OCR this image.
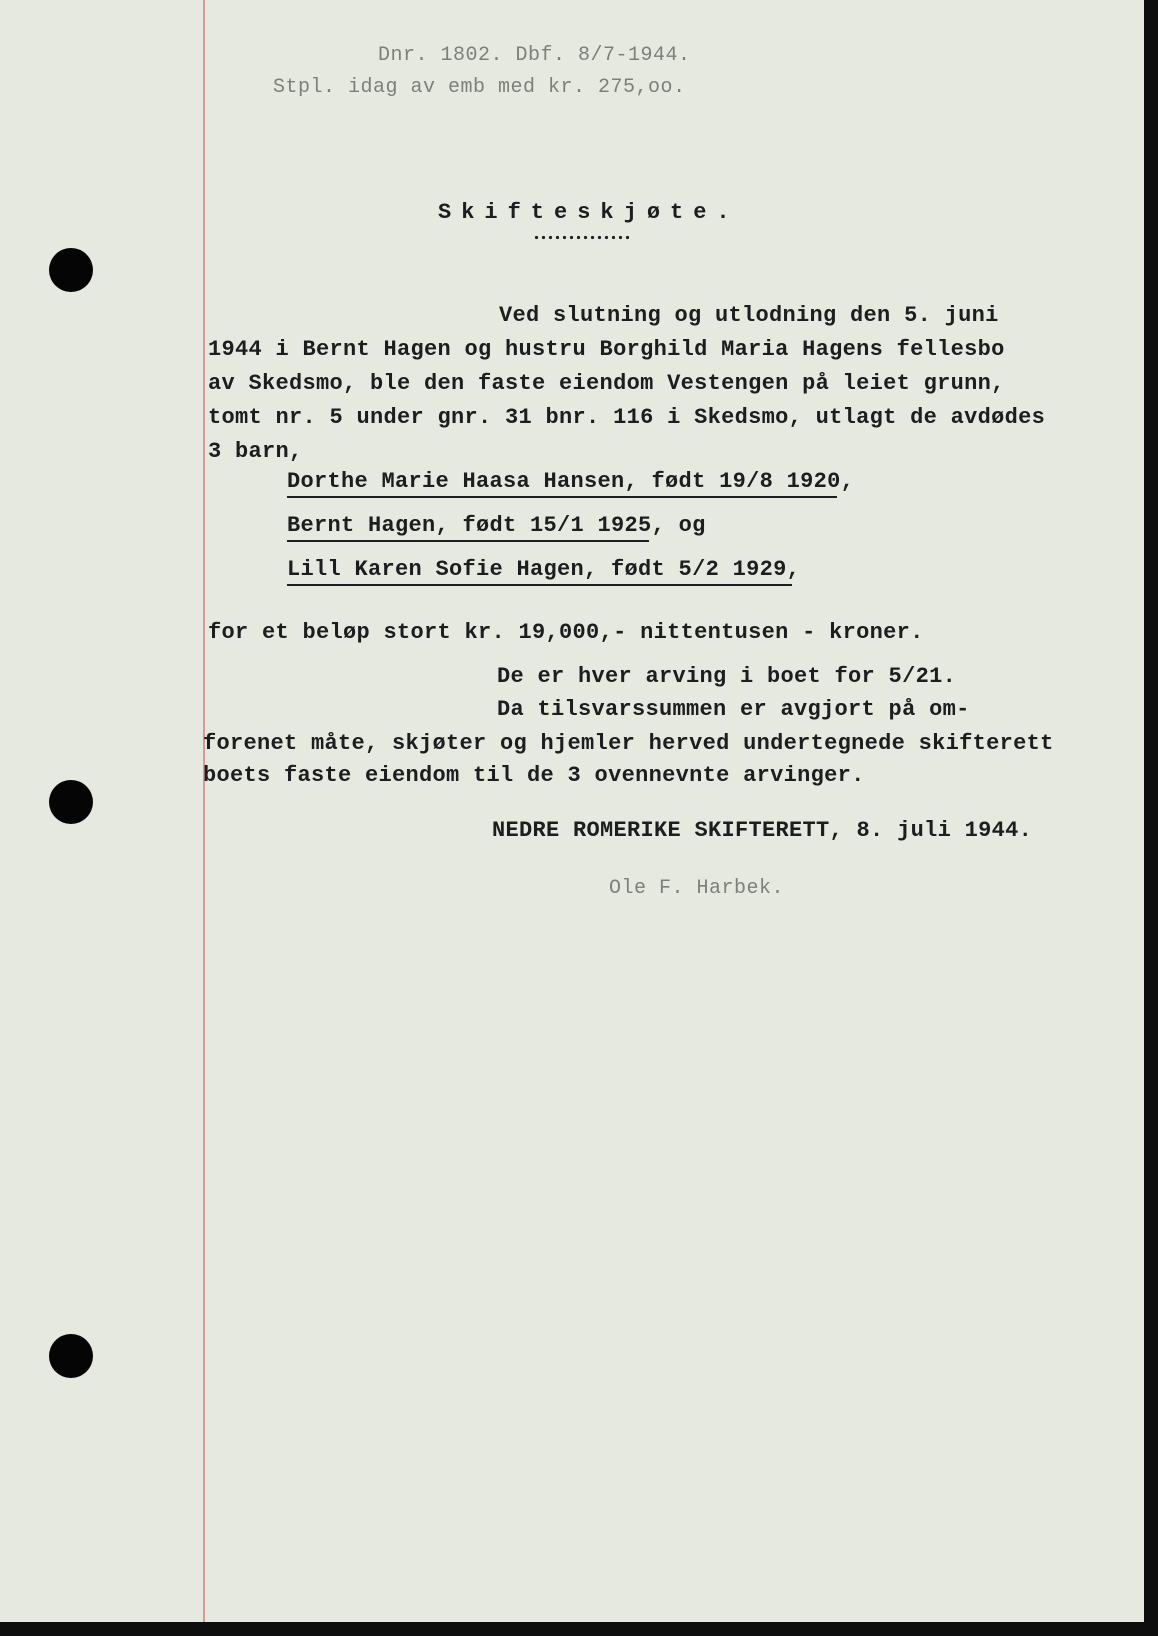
Dnr. 1802. Dbf. 8/7-1944.
Stpl. idag av emb med kr. 275,oo.
Skifteskjøte.
Ved slutning og utlodning den 5. juni
1944 i Bernt Hagen og hustru Borghild Maria Hagens fellesbo
av Skedsmo, ble den faste eiendom Vestengen på leiet grunn,
tomt nr. 5 under gnr. 31 bnr. 116 i Skedsmo, utlagt de avdødes
3 barn,
Dorthe Marie Haasa Hansen, født 19/8 1920,
Bernt Hagen, født 15/1 1925, og
Lill Karen Sofie Hagen, født 5/2 1929,
for et beløp stort kr. 19,000,- nittentusen - kroner.
De er hver arving i boet for 5/21.
Da tilsvarssummen er avgjort på om-
forenet måte, skjøter og hjemler herved undertegnede skifterett
boets faste eiendom til de 3 ovennevnte arvinger.
NEDRE ROMERIKE SKIFTERETT, 8. juli 1944.
Ole F. Harbek.
